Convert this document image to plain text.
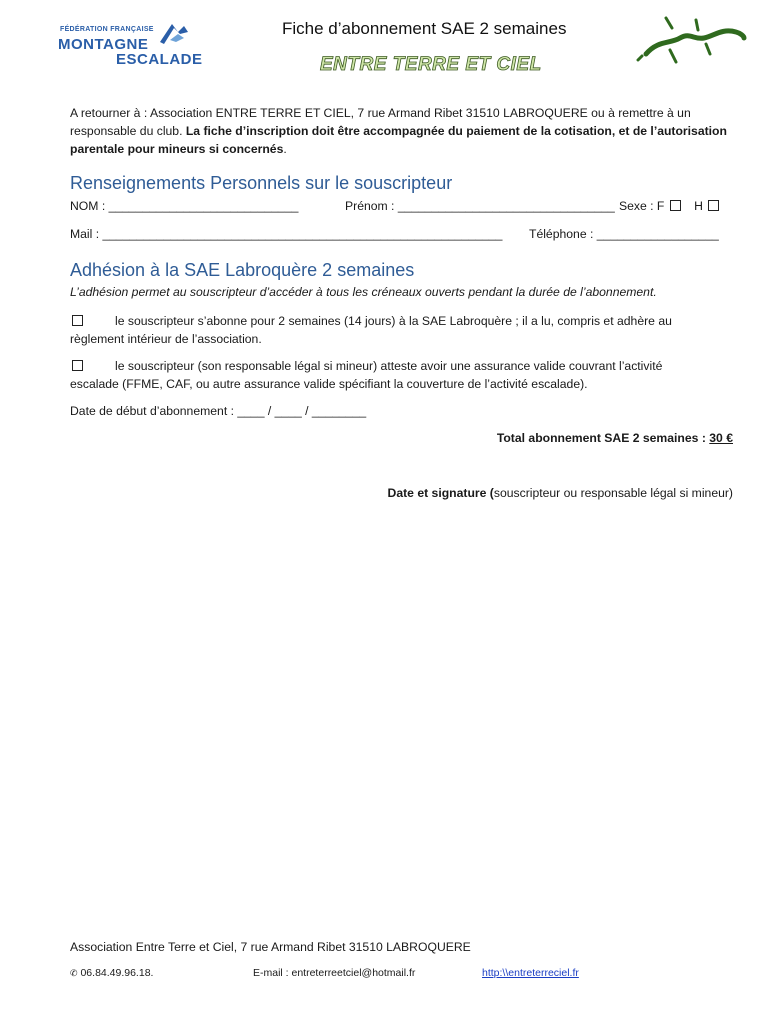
FÉDÉRATION FRANÇAISE
MONTAGNE
ESCALADE
Fiche d’abonnement SAE 2 semaines
ENTRE TERRE ET CIEL
A retourner à : Association ENTRE TERRE ET CIEL, 7 rue Armand Ribet 31510 LABROQUERE ou à remettre à un responsable du club. La fiche d’inscription doit être accompagnée du paiement de la cotisation, et de l’autorisation parentale pour mineurs si concernés.
Renseignements Personnels sur le souscripteur
NOM : ____________________________	Prénom : ________________________________ Sexe : F H
Mail : ___________________________________________________________ Téléphone : __________________
Adhésion à la SAE Labroquère 2 semaines
L’adhésion permet au souscripteur d’accéder à tous les créneaux ouverts pendant la durée de l’abonnement.
le souscripteur s’abonne pour 2 semaines (14 jours) à la SAE Labroquère ; il a lu, compris et adhère au
règlement intérieur de l’association.
le souscripteur (son responsable légal si mineur) atteste avoir une assurance valide couvrant l’activité
escalade (FFME, CAF, ou autre assurance valide spécifiant la couverture de l’activité escalade).
Date de début d’abonnement : ____ / ____ / ________
Total abonnement SAE 2 semaines : 30 €
Date et signature (souscripteur ou responsable légal si mineur)
Association Entre Terre et Ciel, 7 rue Armand Ribet 31510 LABROQUERE
✆ 06.84.49.96.18.	E-mail : entreterreetciel@hotmail.fr	http:\\entreterreciel.fr
